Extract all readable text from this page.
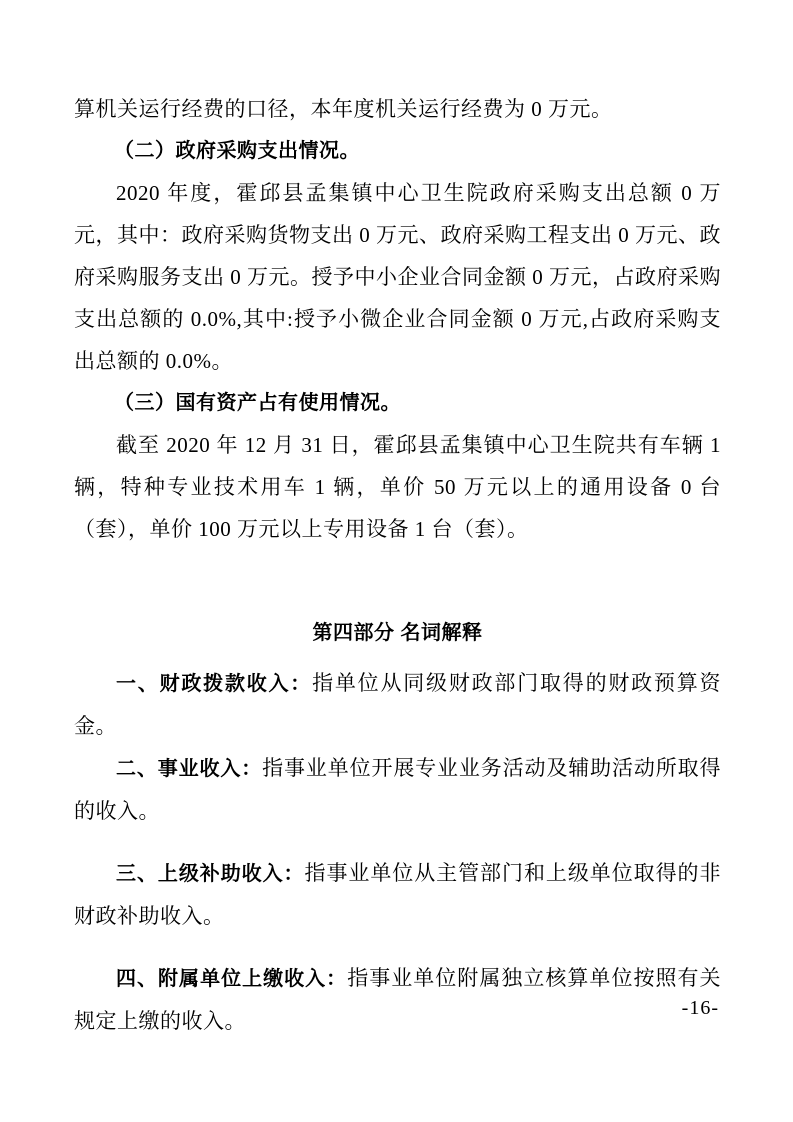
算机关运行经费的口径，本年度机关运行经费为 0 万元。

（二）政府采购支出情况。

2020 年度，霍邱县孟集镇中心卫生院政府采购支出总额 0 万元，其中：政府采购货物支出 0 万元、政府采购工程支出 0 万元、政府采购服务支出 0 万元。授予中小企业合同金额 0 万元，占政府采购支出总额的 0.0%,其中:授予小微企业合同金额 0 万元,占政府采购支出总额的 0.0%。

（三）国有资产占有使用情况。

截至 2020 年 12 月 31 日，霍邱县孟集镇中心卫生院共有车辆 1 辆，特种专业技术用车 1 辆，单价 50 万元以上的通用设备 0 台（套），单价 100 万元以上专用设备 1 台（套）。

第四部分 名词解释

一、财政拨款收入：指单位从同级财政部门取得的财政预算资金。

二、事业收入：指事业单位开展专业业务活动及辅助活动所取得的收入。

三、上级补助收入：指事业单位从主管部门和上级单位取得的非财政补助收入。

四、附属单位上缴收入：指事业单位附属独立核算单位按照有关规定上缴的收入。

-16-
